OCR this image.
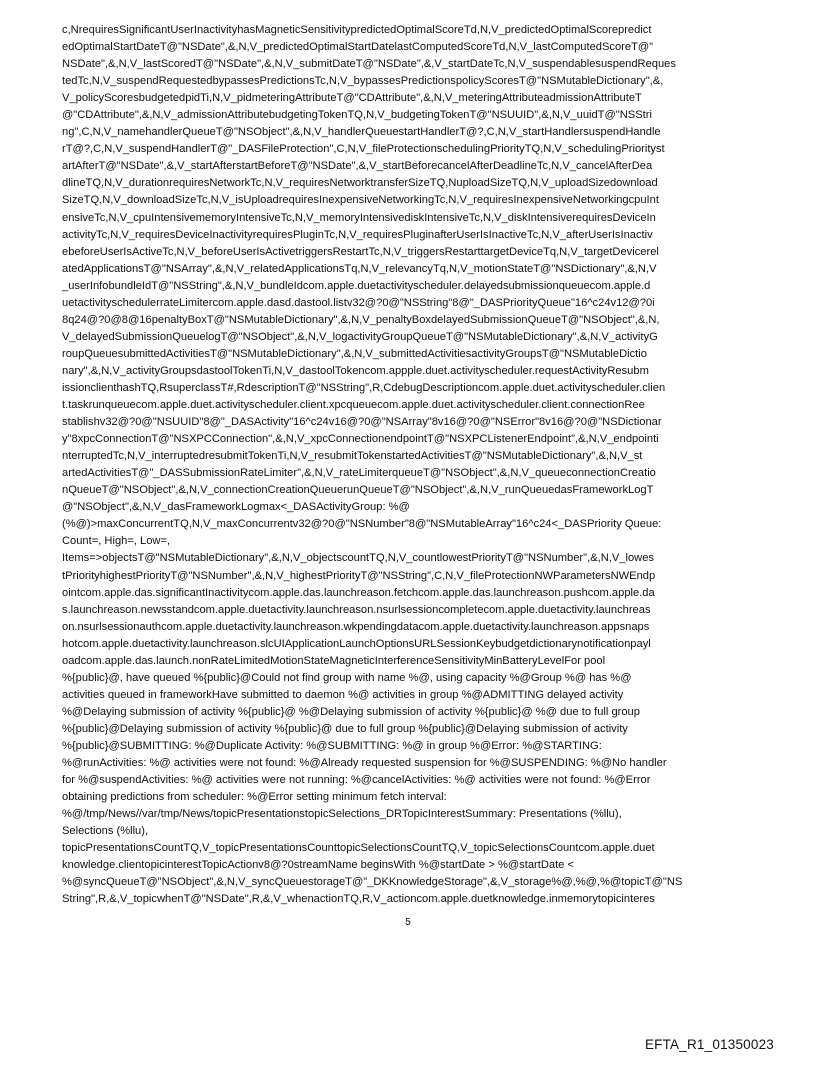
c,NrequiresSignificantUserInactivityhasMagneticSensitivitypredictedOptimalScoreTd,N,V_predictedOptimalScorepredict
edOptimalStartDateT@"NSDate",&,N,V_predictedOptimalStartDatelastComputedScoreTd,N,V_lastComputedScoreT@"
NSDate",&,N,V_lastScoredT@"NSDate",&,N,V_submitDateT@"NSDate",&,V_startDateTc,N,V_suspendablesuspendReques
tedTc,N,V_suspendRequestedbypassesPredictionsTc,N,V_bypassesPredictionspolicyScoresT@"NSMutableDictionary",&,
V_policyScoresbudgetedpidTi,N,V_pidmeteringAttributeT@"CDAttribute",&,N,V_meteringAttributeadmissionAttributeT
@"CDAttribute",&,N,V_admissionAttributebudgetingTokenTQ,N,V_budgetingTokenT@"NSUUID",&,N,V_uuidT@"NSStri
ng",C,N,V_namehandlerQueueT@"NSObject",&,N,V_handlerQueuestartHandlerT@?,C,N,V_startHandlersuspendHandle
rT@?,C,N,V_suspendHandlerT@"_DASFileProtection",C,N,V_fileProtectionschedulingPriorityTQ,N,V_schedulingPriorityst
artAfterT@"NSDate",&,V_startAfterstartBeforeT@"NSDate",&,V_startBeforecancelAfterDeadlineTc,N,V_cancelAfterDea
dlineTQ,N,V_durationrequiresNetworkTc,N,V_requiresNetworktransferSizeTQ,NuploadSizeTQ,N,V_uploadSizedownload
SizeTQ,N,V_downloadSizeTc,N,V_isUploadrequiresInexpensiveNetworkingTc,N,V_requiresInexpensiveNetworkingcpuInt
ensiveTc,N,V_cpuIntensivememoryIntensiveTc,N,V_memoryIntensivediskIntensiveTc,N,V_diskIntensiverequiresDeviceIn
activityTc,N,V_requiresDeviceInactivityrequiresPluginTc,N,V_requiresPluginafterUserIsInactiveTc,N,V_afterUserIsInactiv
ebeforeUserIsActiveTc,N,V_beforeUserIsActivetriggersRestartTc,N,V_triggersRestarttargetDeviceTq,N,V_targetDevicerel
atedApplicationsT@"NSArray",&,N,V_relatedApplicationsTq,N,V_relevancyTq,N,V_motionStateT@"NSDictionary",&,N,V
_userInfobundleIdT@"NSString",&,N,V_bundleIdcom.apple.duetactivityscheduler.delayedsubmissionqueuecom.apple.d
uetactivityschedulerrateLimitercom.apple.dasd.dastool.listv32@?0@"NSString"8@"_DASPriorityQueue"16^c24v12@?0i
8q24@?0@8@16penaltyBoxT@"NSMutableDictionary",&,N,V_penaltyBoxdelayedSubmissionQueueT@"NSObject",&,N,
V_delayedSubmissionQueuelogT@"NSObject",&,N,V_logactivityGroupQueueT@"NSMutableDictionary",&,N,V_activityG
roupQueuesubmittedActivitiesT@"NSMutableDictionary",&,N,V_submittedActivitiesactivityGroupsT@"NSMutableDictio
nary",&,N,V_activityGroupsdastoolTokenTi,N,V_dastoolTokencom.appple.duet.activityscheduler.requestActivityResubm
issionclienthashTQ,RsuperclassT#,RdescriptionT@"NSString",R,CdebugDescriptioncom.apple.duet.activityscheduler.clien
t.taskrunqueuecom.apple.duet.activityscheduler.client.xpcqueuecom.apple.duet.activityscheduler.client.connectionRee
stablishv32@?0@"NSUUID"8@"_DASActivity"16^c24v16@?0@"NSArray"8v16@?0@"NSError"8v16@?0@"NSDictionar
y"8xpcConnectionT@"NSXPCConnection",&,N,V_xpcConnectionendpointT@"NSXPCListenerEndpoint",&,N,V_endpointi
nterruptedTc,N,V_interruptedresubmitTokenTi,N,V_resubmitTokenstartedActivitiesT@"NSMutableDictionary",&,N,V_st
artedActivitiesT@"_DASSubmissionRateLimiter",&,N,V_rateLimiterqueueT@"NSObject",&,N,V_queueconnectionCreatio
nQueueT@"NSObject",&,N,V_connectionCreationQueuerunQueueT@"NSObject",&,N,V_runQueuedasFrameworkLogT
@"NSObject",&,N,V_dasFrameworkLogmax<_DASActivityGroup: %@
(%@)>maxConcurrentTQ,N,V_maxConcurrentv32@?0@"NSNumber"8@"NSMutableArray"16^c24<_DASPriority Queue:
Count=, High=, Low=,
Items=>objectsT@"NSMutableDictionary",&,N,V_objectscountTQ,N,V_countlowestPriorityT@"NSNumber",&,N,V_lowes
tPriorityhighestPriorityT@"NSNumber",&,N,V_highestPriorityT@"NSString",C,N,V_fileProtectionNWParametersNWEndp
ointcom.apple.das.significantInactivitycom.apple.das.launchreason.fetchcom.apple.das.launchreason.pushcom.apple.da
s.launchreason.newsstandcom.apple.duetactivity.launchreason.nsurlsessioncompletecom.apple.duetactivity.launchreas
on.nsurlsessionauthcom.apple.duetactivity.launchreason.wkpendingdatacom.apple.duetactivity.launchreason.appsnaps
hotcom.apple.duetactivity.launchreason.slcUIApplicationLaunchOptionsURLSessionKeybudgetdictionarynotificationpayl
oadcom.apple.das.launch.nonRateLimitedMotionStateMagneticInterferenceSensitivityMinBatteryLevelFor pool
%{public}@, have queued %{public}@Could not find group with name %@, using capacity %@Group %@ has %@
activities queued in frameworkHave submitted to daemon %@ activities in group %@ADMITTING delayed activity
%@Delaying submission of activity %{public}@ %@Delaying submission of activity %{public}@ %@ due to full group
%{public}@Delaying submission of activity %{public}@ due to full group %{public}@Delaying submission of activity
%{public}@SUBMITTING: %@Duplicate Activity: %@SUBMITTING: %@ in group %@Error: %@STARTING:
%@runActivities: %@ activities were not found: %@Already requested suspension for %@SUSPENDING: %@No handler
for %@suspendActivities: %@ activities were not running: %@cancelActivities: %@ activities were not found: %@Error
obtaining predictions from scheduler: %@Error setting minimum fetch interval:
%@/tmp/News//var/tmp/News/topicPresentationstopicSelections_DRTopicInterestSummary: Presentations (%llu),
Selections (%llu),
topicPresentationsCountTQ,V_topicPresentationsCounttopicSelectionsCountTQ,V_topicSelectionsCountcom.apple.duet
knowledge.clientopicinterestTopicActionv8@?0streamName beginsWith %@startDate > %@startDate <
%@syncQueueT@"NSObject",&,N,V_syncQueuestorageT@"_DKKnowledgeStorage",&,V_storage%@,%@,%@topicT@"NS
String",R,&,V_topicwhenT@"NSDate",R,&,V_whenactionTQ,R,V_actioncom.apple.duetknowledge.inmemorytopicinteres
5
EFTA_R1_01350023
